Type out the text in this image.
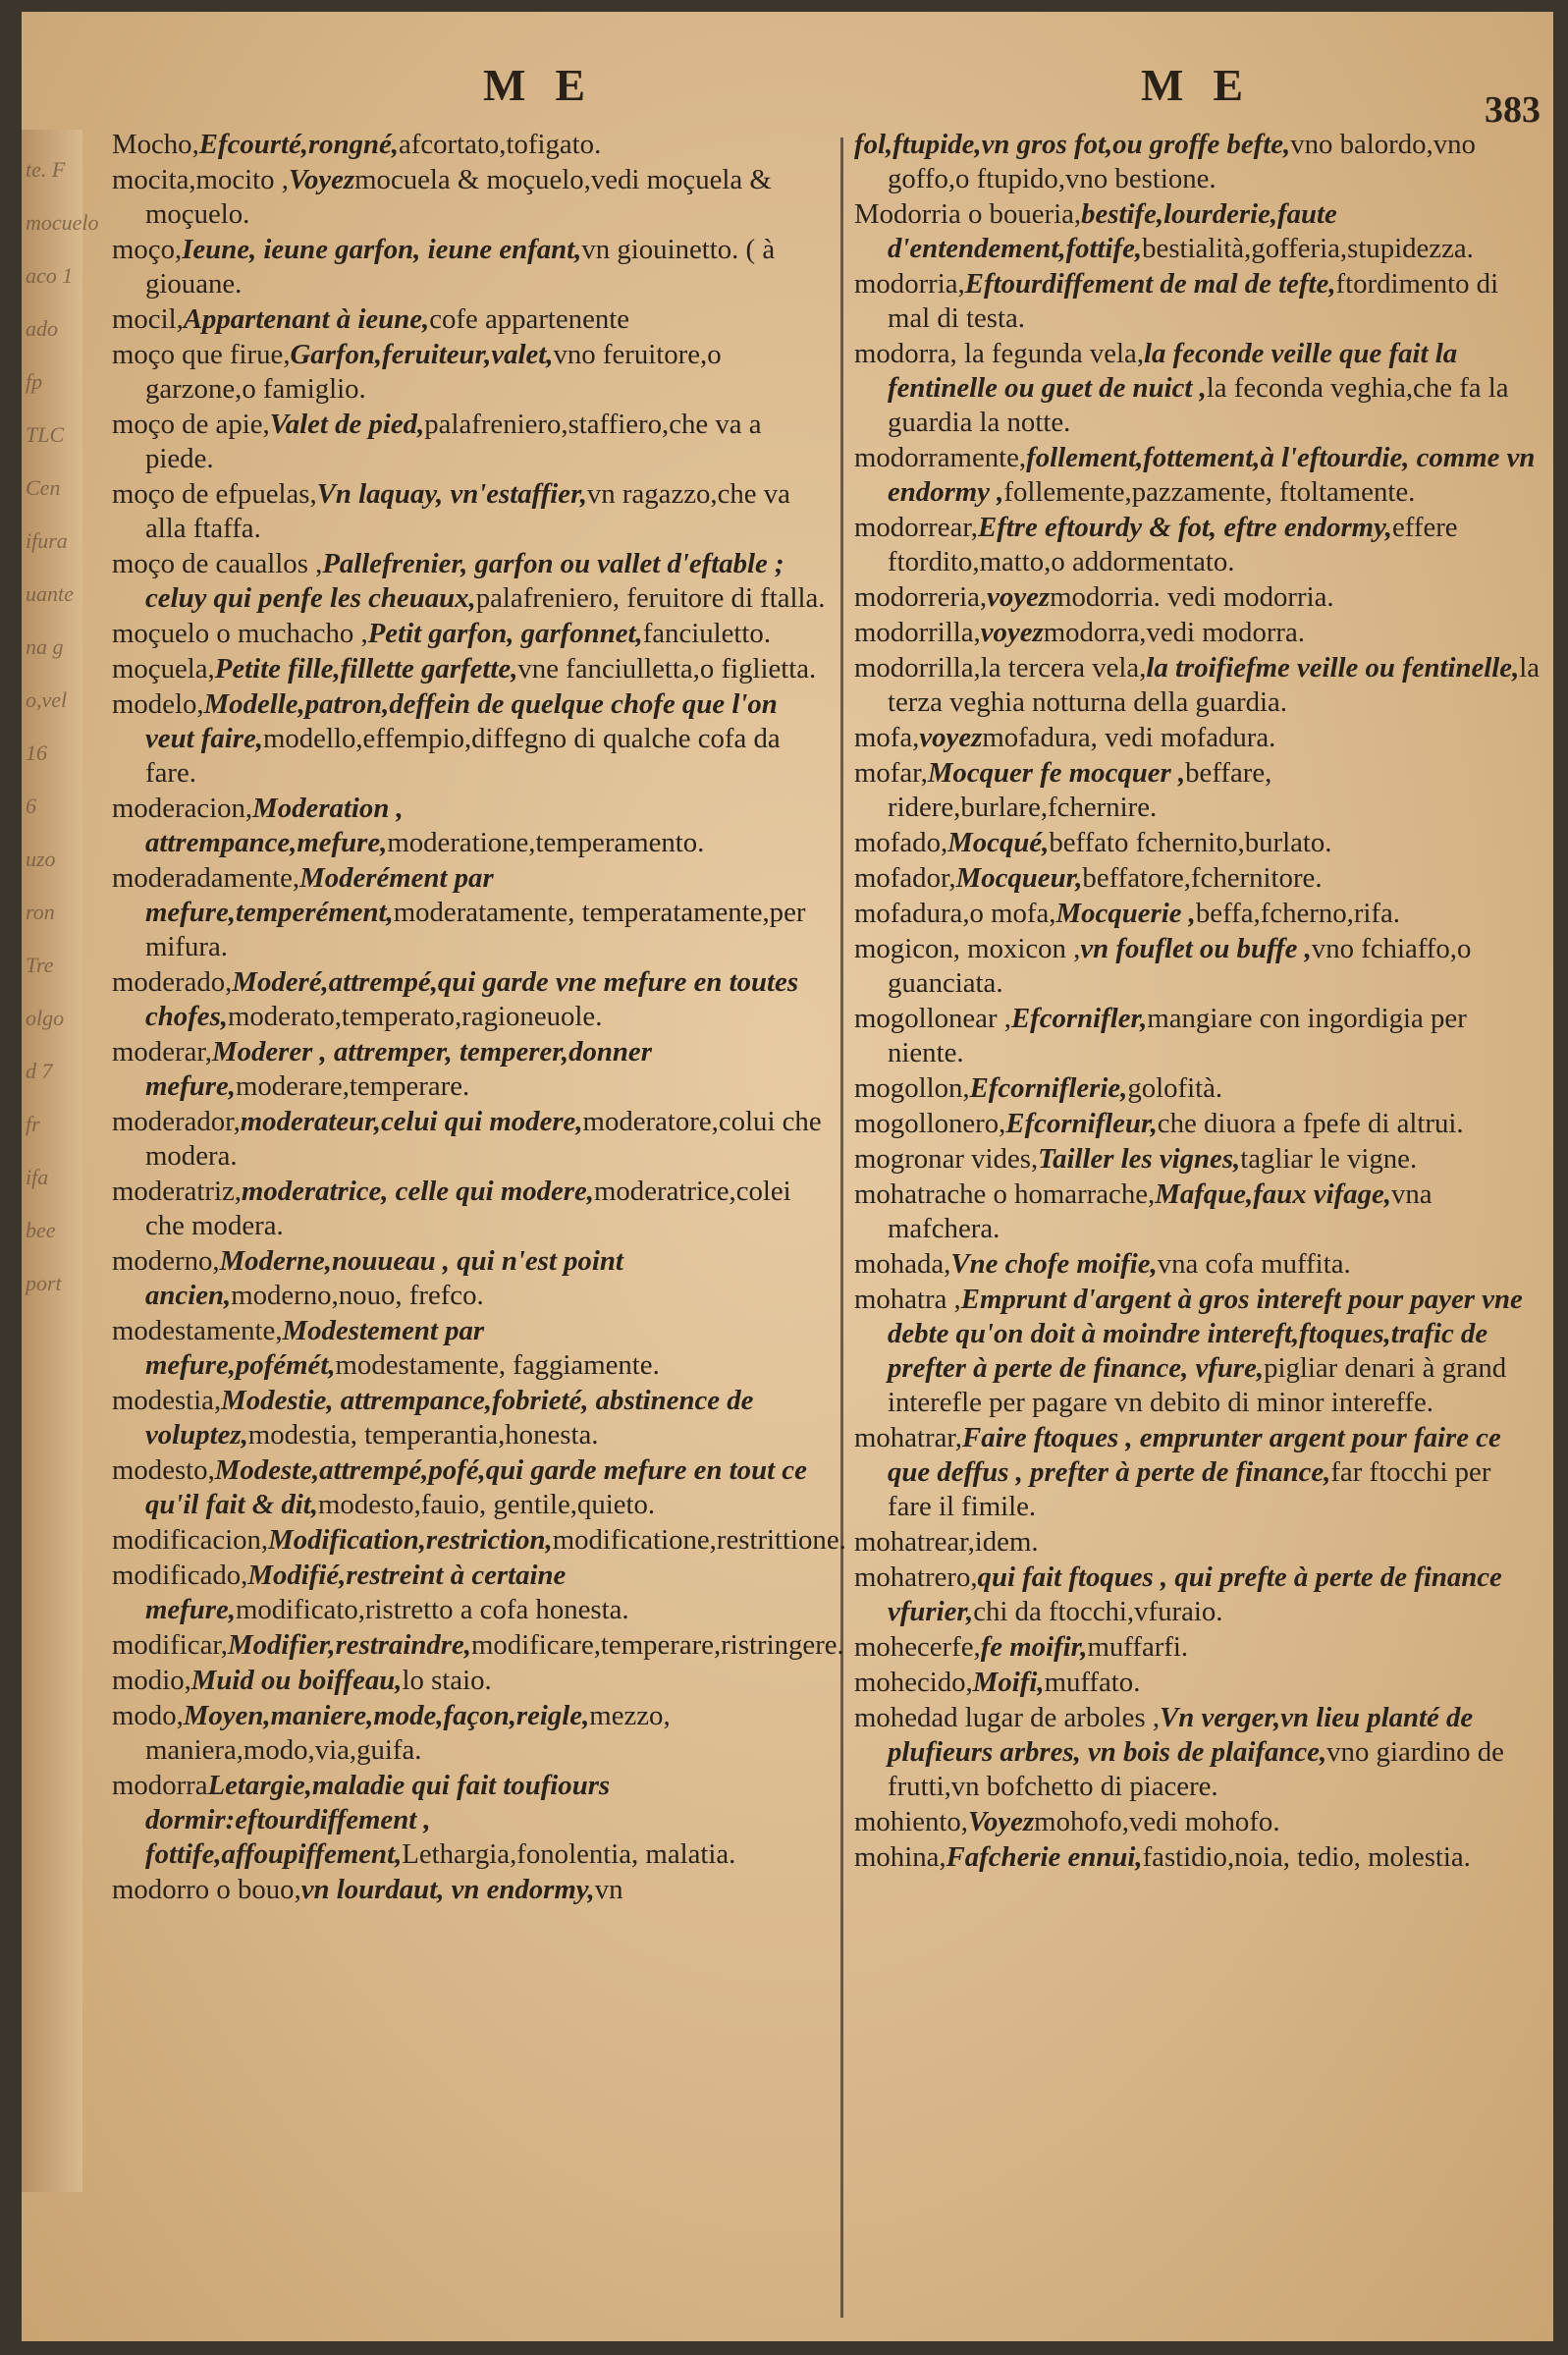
te. F
mocuelo
aco 1
ado
fp
TLC
Cen
ifura
uante
na g
o,vel
16
6
uzo
ron
Tre
olgo
d 7
fr
ifa
bee
port
ME	ME	383
Mocho,Efcourté,rongné,afcortato,tofigato.
mocita,mocito ,Voyezmocuela & moçuelo,vedi moçuela & moçuelo.
moço,Ieune, ieune garfon, ieune enfant,vn giouinetto. ( à giouane.
mocil,Appartenant à ieune,cofe appartenente
moço que firue,Garfon,feruiteur,valet,vno feruitore,o garzone,o famiglio.
moço de apie,Valet de pied,palafreniero,staffiero,che va a piede.
moço de efpuelas,Vn laquay, vn'estaffier,vn ragazzo,che va alla ftaffa.
moço de cauallos ,Pallefrenier, garfon ou vallet d'eftable ; celuy qui penfe les cheuaux,palafreniero, feruitore di ftalla.
moçuelo o muchacho ,Petit garfon, garfonnet,fanciuletto.
moçuela,Petite fille,fillette garfette,vne fanciulletta,o figlietta.
modelo,Modelle,patron,deffein de quelque chofe que l'on veut faire,modello,effempio,diffegno di qualche cofa da fare.
moderacion,Moderation , attrempance,mefure,moderatione,temperamento.
moderadamente,Moderément par mefure,temperément,moderatamente, temperatamente,per mifura.
moderado,Moderé,attrempé,qui garde vne mefure en toutes chofes,moderato,temperato,ragioneuole.
moderar,Moderer , attremper, temperer,donner mefure,moderare,temperare.
moderador,moderateur,celui qui modere,moderatore,colui che modera.
moderatriz,moderatrice, celle qui modere,moderatrice,colei che modera.
moderno,Moderne,nouueau , qui n'est point ancien,moderno,nouo, frefco.
modestamente,Modestement par mefure,pofémét,modestamente, faggiamente.
modestia,Modestie, attrempance,fobrieté, abstinence de voluptez,modestia, temperantia,honesta.
modesto,Modeste,attrempé,pofé,qui garde mefure en tout ce qu'il fait & dit,modesto,fauio, gentile,quieto.
modificacion,Modification,restriction,modificatione,restrittione.
modificado,Modifié,restreint à certaine mefure,modificato,ristretto a cofa honesta.
modificar,Modifier,restraindre,modificare,temperare,ristringere.
modio,Muid ou boiffeau,lo staio.
modo,Moyen,maniere,mode,façon,reigle,mezzo, maniera,modo,via,guifa.
modorraLetargie,maladie qui fait toufiours dormir:eftourdiffement , fottife,affoupiffement,Lethargia,fonolentia, malatia.
modorro o bouo,vn lourdaut, vn endormy,vn
fol,ftupide,vn gros fot,ou groffe befte,vno balordo,vno goffo,o ftupido,vno bestione.
Modorria o boueria,bestife,lourderie,faute d'entendement,fottife,bestialità,gofferia,stupidezza.
modorria,Eftourdiffement de mal de tefte,ftordimento di mal di testa.
modorra, la fegunda vela,la feconde veille que fait la fentinelle ou guet de nuict ,la feconda veghia,che fa la guardia la notte.
modorramente,follement,fottement,à l'eftourdie, comme vn endormy ,follemente,pazzamente, ftoltamente.
modorrear,Eftre eftourdy & fot, eftre endormy,effere ftordito,matto,o addormentato.
modorreria,voyezmodorria. vedi modorria.
modorrilla,voyezmodorra,vedi modorra.
modorrilla,la tercera vela,la troifiefme veille ou fentinelle,la terza veghia notturna della guardia.
mofa,voyezmofadura, vedi mofadura.
mofar,Mocquer fe mocquer ,beffare, ridere,burlare,fchernire.
mofado,Mocqué,beffato fchernito,burlato.
mofador,Mocqueur,beffatore,fchernitore.
mofadura,o mofa,Mocquerie ,beffa,fcherno,rifa.
mogicon, moxicon ,vn fouflet ou buffe ,vno fchiaffo,o guanciata.
mogollonear ,Efcornifler,mangiare con ingordigia per niente.
mogollon,Efcorniflerie,golofità.
mogollonero,Efcornifleur,che diuora a fpefe di altrui.
mogronar vides,Tailler les vignes,tagliar le vigne.
mohatrache o homarrache,Mafque,faux vifage,vna mafchera.
mohada,Vne chofe moifie,vna cofa muffita.
mohatra ,Emprunt d'argent à gros intereft pour payer vne debte qu'on doit à moindre intereft,ftoques,trafic de prefter à perte de finance, vfure,pigliar denari à grand interefle per pagare vn debito di minor intereffe.
mohatrar,Faire ftoques , emprunter argent pour faire ce que deffus , prefter à perte de finance,far ftocchi per fare il fimile.
mohatrear,idem.
mohatrero,qui fait ftoques , qui prefte à perte de finance vfurier,chi da ftocchi,vfuraio.
mohecerfe,fe moifir,muffarfi.
mohecido,Moifi,muffato.
mohedad lugar de arboles ,Vn verger,vn lieu planté de plufieurs arbres, vn bois de plaifance,vno giardino de frutti,vn bofchetto di piacere.
mohiento,Voyezmohofo,vedi mohofo.
mohina,Fafcherie ennui,fastidio,noia, tedio, molestia.
